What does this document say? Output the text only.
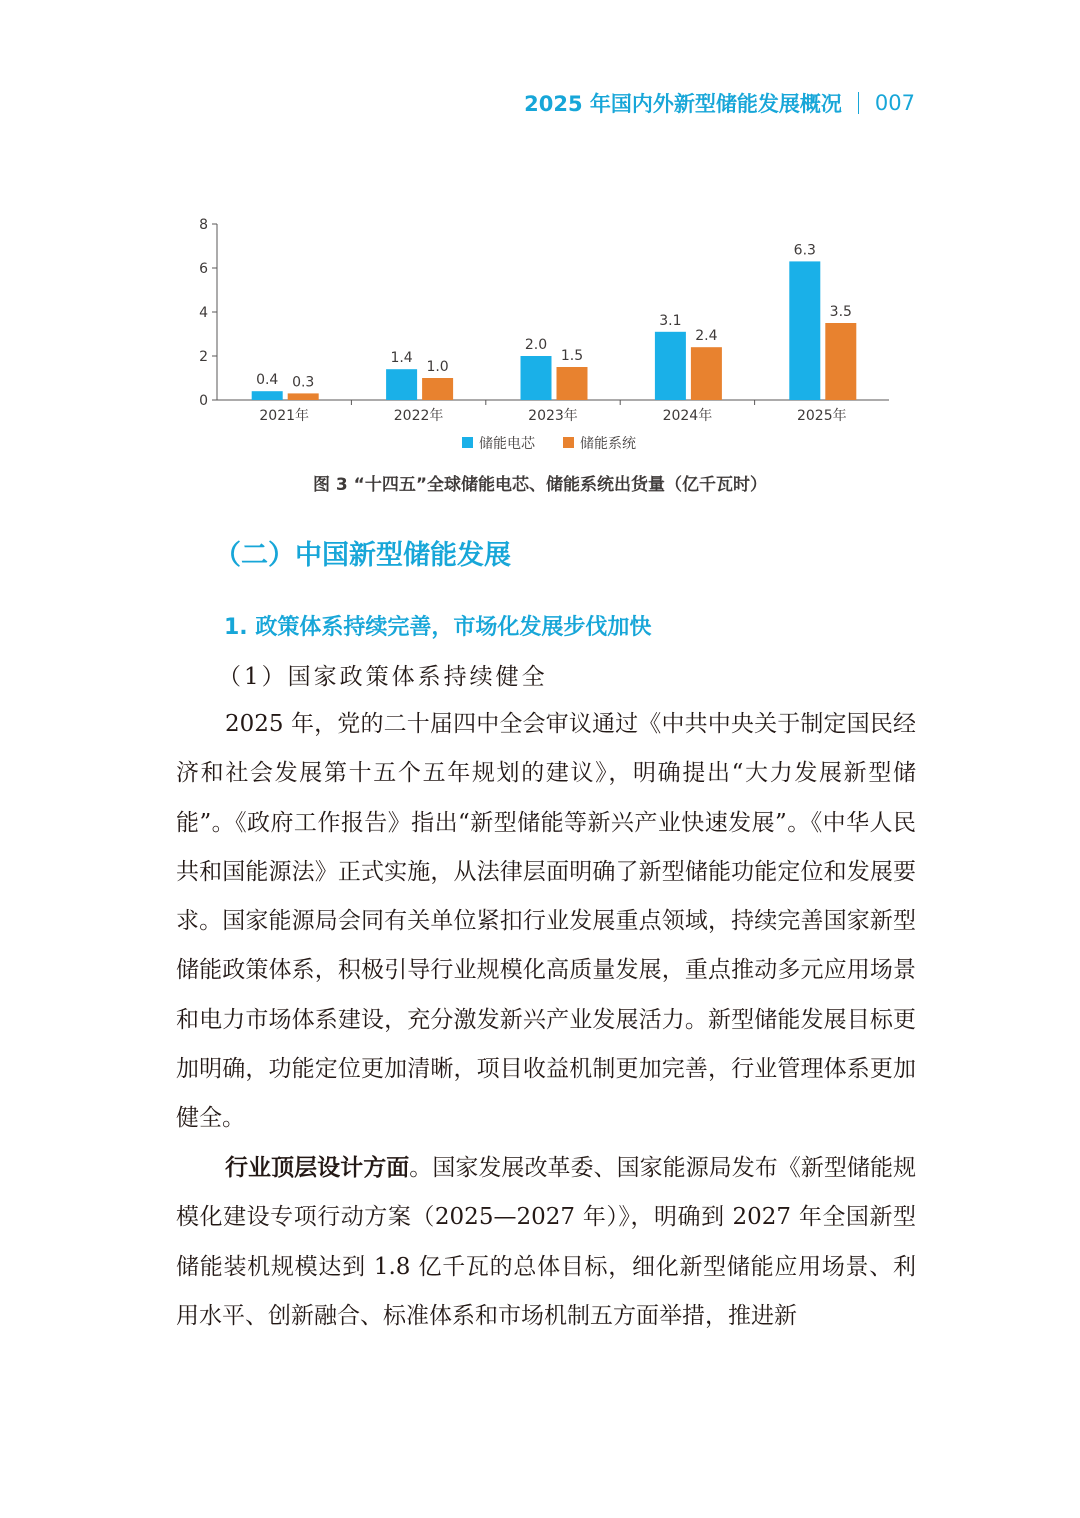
2025 年国内外新型储能发展概况 007
0
2
4
6
8
2021年	2022年	2023年	2024年	2025年
0.4 0.3
1.4
1.0
2.0
1.5
3.1
2.4
6.3
3.5
储能电芯	储能系统
图 3 “十四五”全球储能电芯、储能系统出货量（亿千瓦时）
（二）中国新型储能发展
1. 政策体系持续完善，市场化发展步伐加快
（1）国家政策体系持续健全

2025 年，党的二十届四中全会审议通过《中共中央关于制定国民经济和社会发展第十五个五年规划的建议》，明确提出“大力发展新型储能”。《政府工作报告》指出“新型储能等新兴产业快速发展”。《中华人民共和国能源法》正式实施，从法律层面明确了新型储能功能定位和发展要求。国家能源局会同有关单位紧扣行业发展重点领域，持续完善国家新型储能政策体系，积极引导行业规模化高质量发展，重点推动多元应用场景和电力市场体系建设，充分激发新兴产业发展活力。新型储能发展目标更加明确，功能定位更加清晰，项目收益机制更加完善，行业管理体系更加健全。

行业顶层设计方面。国家发展改革委、国家能源局发布《新型储能规模化建设专项行动方案（2025—2027 年）》，明确到 2027 年全国新型储能装机规模达到 1.8 亿千瓦的总体目标，细化新型储能应用场景、利用水平、创新融合、标准体系和市场机制五方面举措，推进新
